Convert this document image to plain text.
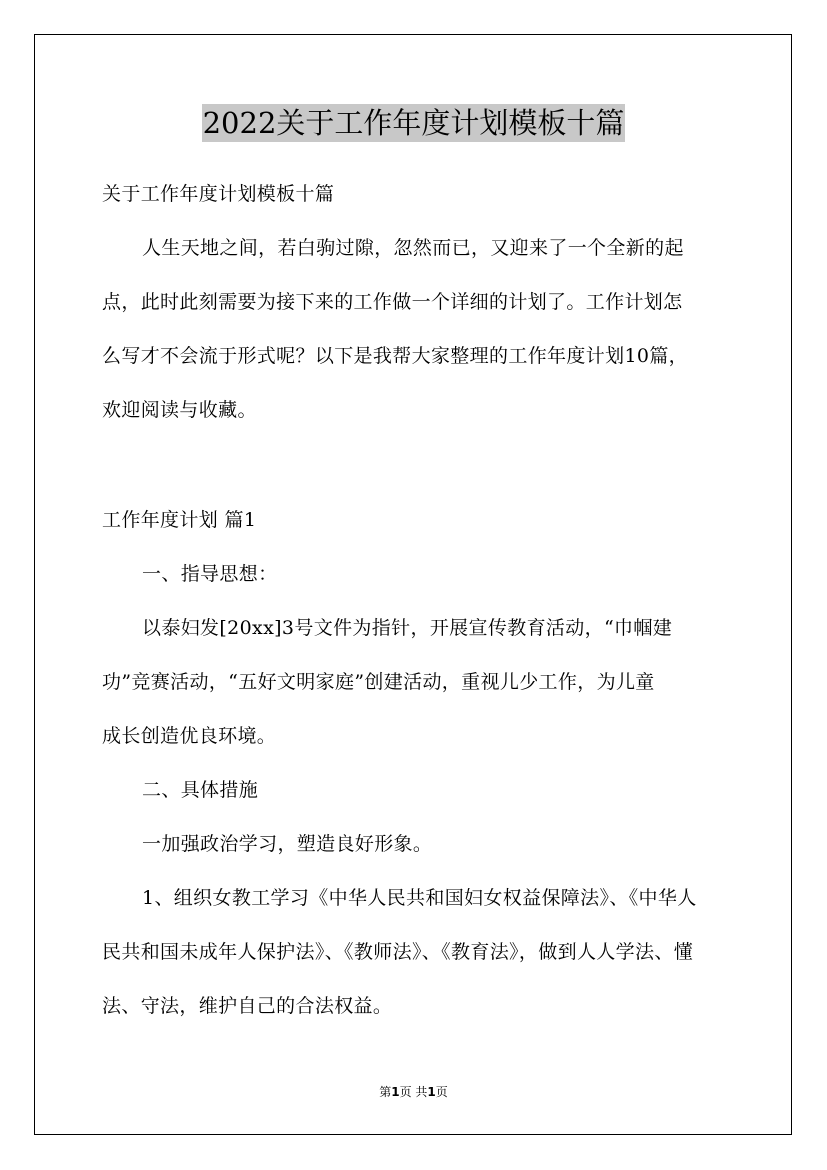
2022关于工作年度计划模板十篇
关于工作年度计划模板十篇
人生天地之间，若白驹过隙，忽然而已，又迎来了一个全新的起
点，此时此刻需要为接下来的工作做一个详细的计划了。工作计划怎
么写才不会流于形式呢？以下是我帮大家整理的工作年度计划10篇，
欢迎阅读与收藏。
工作年度计划 篇1
一、指导思想：
以泰妇发[20xx]3号文件为指针，开展宣传教育活动，“巾帼建
功”竞赛活动，“五好文明家庭”创建活动，重视儿少工作，为儿童
成长创造优良环境。
二、具体措施
一加强政治学习，塑造良好形象。
1、组织女教工学习《中华人民共和国妇女权益保障法》、《中华人
民共和国未成年人保护法》、《教师法》、《教育法》，做到人人学法、懂
法、守法，维护自己的合法权益。
第1页 共1页
